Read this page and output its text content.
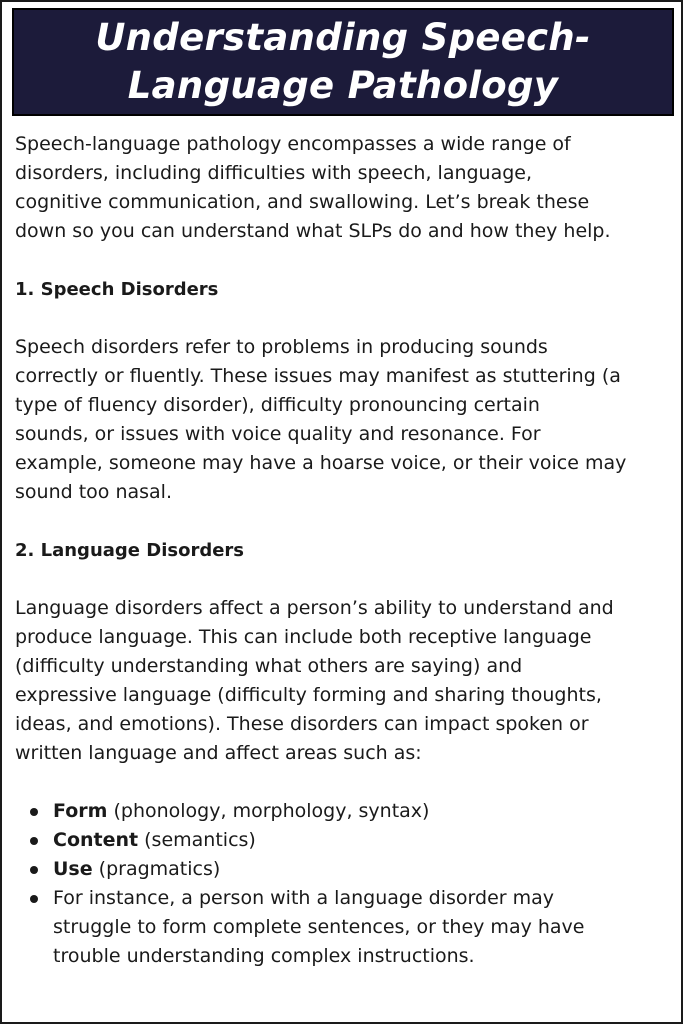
Understanding Speech-
Language Pathology

Speech-language pathology encompasses a wide range of
disorders, including difficulties with speech, language,
cognitive communication, and swallowing. Let’s break these
down so you can understand what SLPs do and how they help.

1. Speech Disorders

Speech disorders refer to problems in producing sounds
correctly or fluently. These issues may manifest as stuttering (a
type of fluency disorder), difficulty pronouncing certain
sounds, or issues with voice quality and resonance. For
example, someone may have a hoarse voice, or their voice may
sound too nasal.

2. Language Disorders

Language disorders affect a person’s ability to understand and
produce language. This can include both receptive language
(difficulty understanding what others are saying) and
expressive language (difficulty forming and sharing thoughts,
ideas, and emotions). These disorders can impact spoken or
written language and affect areas such as:

Form (phonology, morphology, syntax)
Content (semantics)
Use (pragmatics)
For instance, a person with a language disorder may
struggle to form complete sentences, or they may have
trouble understanding complex instructions.
